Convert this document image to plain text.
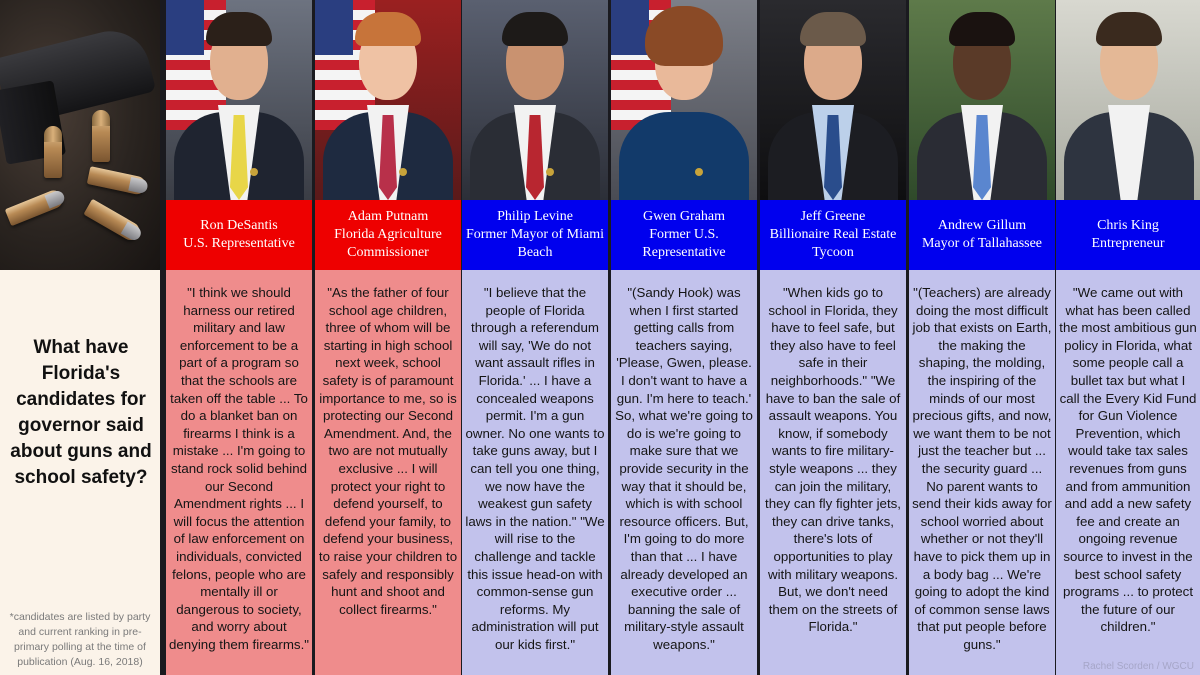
What have Florida's candidates for governor said about guns and school safety?
*candidates are listed by party and current ranking in pre-primary polling at the time of publication (Aug. 16, 2018)
Ron DeSantis
U.S. Representative
"I think we should harness our retired military and law enforcement to be a part of a program so that the schools are taken off the table ... To do a blanket ban on firearms I think is a mistake ... I'm going to stand rock solid behind our Second Amendment rights ... I will focus the attention of law enforcement on individuals, convicted felons, people who are mentally ill or dangerous to society, and worry about denying them firearms."
Adam Putnam
Florida Agriculture Commissioner
"As the father of four school age children, three of whom will be starting in high school next week, school safety is of paramount importance to me, so is protecting our Second Amendment. And, the two are not mutually exclusive ... I will protect your right to defend yourself, to defend your family, to defend your business, to raise your children to safely and responsibly hunt and shoot and collect firearms."
Philip Levine
Former Mayor of Miami Beach
"I believe that the people of Florida through a referendum will say, 'We do not want assault rifles in Florida.' ... I have a concealed weapons permit. I'm a gun owner. No one wants to take guns away, but I can tell you one thing, we now have the weakest gun safety laws in the nation." "We will rise to the challenge and tackle this issue head-on with common-sense gun reforms. My administration will put our kids first."
Gwen Graham
Former U.S. Representative
"(Sandy Hook) was when I first started getting calls from teachers saying, 'Please, Gwen, please. I don't want to have a gun. I'm here to teach.' So, what we're going to do is we're going to make sure that we provide security in the way that it should be, which is with school resource officers. But, I'm going to do more than that ... I have already developed an executive order ... banning the sale of military-style assault weapons."
Jeff Greene
Billionaire Real Estate Tycoon
"When kids go to school in Florida, they have to feel safe, but they also have to feel safe in their neighborhoods." "We have to ban the sale of assault weapons. You know, if somebody wants to fire military-style weapons ... they can join the military, they can fly fighter jets, they can drive tanks, there's lots of opportunities to play with military weapons. But, we don't need them on the streets of Florida."
Andrew Gillum
Mayor of Tallahassee
"(Teachers) are already doing the most difficult job that exists on Earth, the making the shaping, the molding, the inspiring of the minds of our most precious gifts, and now, we want them to be not just the teacher but ... the security guard ... No parent wants to send their kids away for school worried about whether or not they'll have to pick them up in a body bag ... We're going to adopt the kind of common sense laws that put people before guns."
Chris King
Entrepreneur
"We came out with what has been called the most ambitious gun policy in Florida, what some people call a bullet tax but what I call the Every Kid Fund for Gun Violence Prevention, which would take tax sales revenues from guns and from ammunition and add a new safety fee and create an ongoing revenue source to invest in the best school safety programs ... to protect the future of our children."
Rachel Scorden / WGCU
